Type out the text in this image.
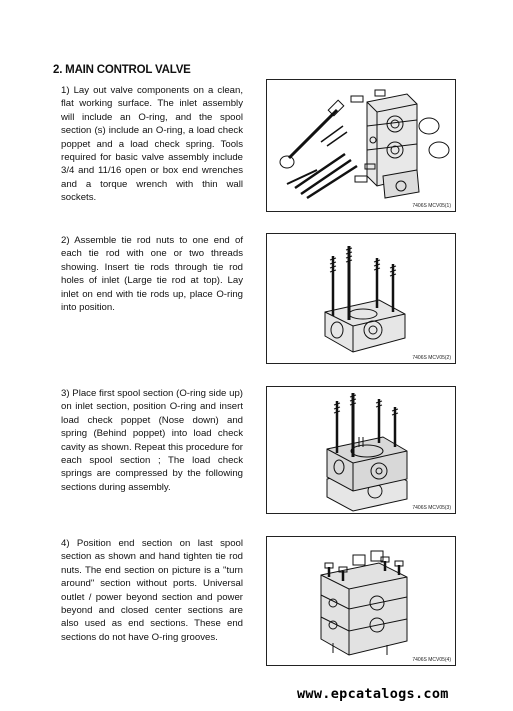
2. MAIN CONTROL VALVE

1) Lay out valve components on a clean, flat working surface. The inlet assembly will include an O-ring, and the spool section (s) include an O-ring, a load check poppet and a load check spring. Tools required for basic valve assembly include 3/4 and 11/16 open or box end wrenches and a torque wrench with thin wall sockets.

7406S MCV05(1)

2) Assemble tie rod nuts to one end of each tie rod with one or two threads showing. Insert tie rods through tie rod holes of inlet (Large tie rod at top). Lay inlet on end with tie rods up, place O-ring into position.

7406S MCV05(2)

3) Place first spool section (O-ring side up) on inlet section, position O-ring and insert load check poppet (Nose down) and spring (Behind poppet) into load check cavity as shown. Repeat this procedure for each spool section ; The load check springs are compressed by the following sections during assembly.

7406S MCV05(3)

4) Position end section on last spool section as shown and hand tighten tie rod nuts. The end section on picture is a "turn around" section without ports. Universal outlet / power beyond section and power beyond and closed center sections are also used as end sections. These end sections do not have O-ring grooves.

7406S MCV05(4)
www.epcatalogs.com
